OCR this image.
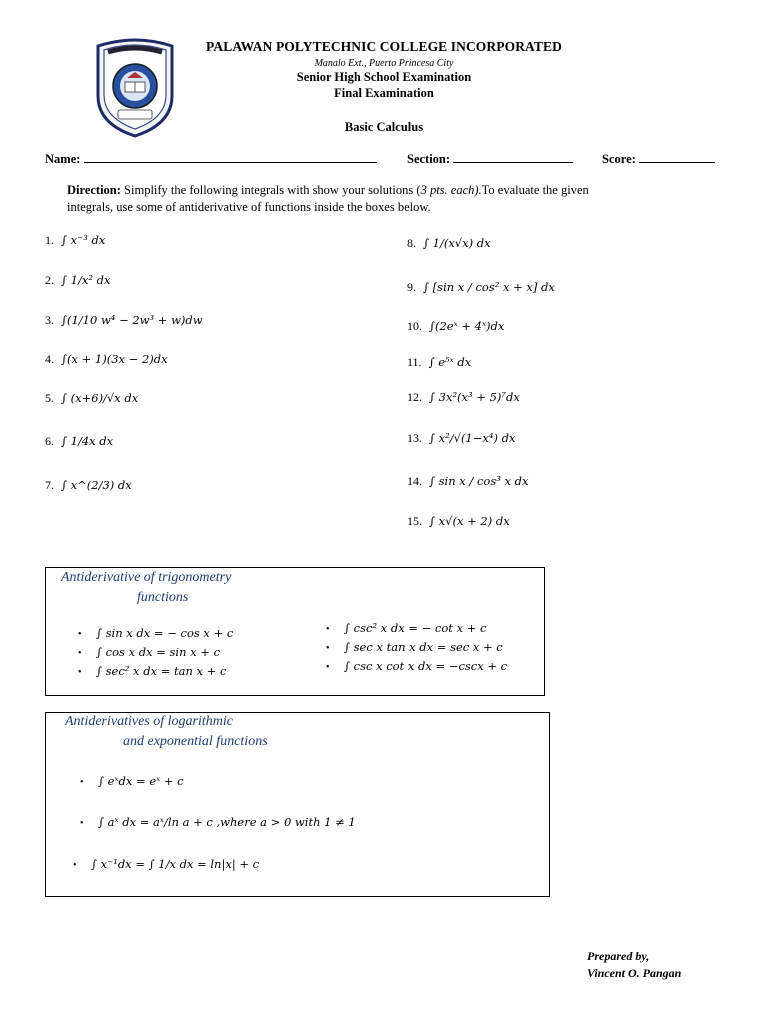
PALAWAN POLYTECHNIC COLLEGE INCORPORATED
Manalo Ext., Puerto Princesa City
Senior High School Examination
Final Examination
Basic Calculus
Name:	Section:	Score:
Direction: Simplify the following integrals with show your solutions (3 pts. each).To evaluate the given
integrals, use some of antiderivative of functions inside the boxes below.
1. ∫ x⁻³ dx
2. ∫ 1/x² dx
3. ∫(1/10 w⁴ − 2w³ + w)dw
4. ∫(x + 1)(3x − 2)dx
5. ∫ (x+6)/√x dx
6. ∫ 1/4x dx
7. ∫ x^(2/3) dx
8. ∫ 1/(x√x) dx
9. ∫ [sin x / cos² x + x] dx
10. ∫(2eˣ + 4ˣ)dx
11. ∫ e⁵ˣ dx
12. ∫ 3x²(x³ + 5)⁷dx
13. ∫ x²/√(1−x⁴) dx
14. ∫ sin x / cos³ x dx
15. ∫ x√(x + 2) dx
Antiderivative of trigonometry
functions
• ∫ sin x dx = − cos x + c
• ∫ cos x dx = sin x + c
• ∫ sec² x dx = tan x + c
• ∫ csc² x dx = − cot x + c
• ∫ sec x tan x dx = sec x + c
• ∫ csc x cot x dx = −cscx + c
Antiderivatives of logarithmic
and exponential functions
• ∫ eˣdx = eˣ + c
• ∫ aˣ dx = aˣ/ln a + c ,where a > 0 with 1 ≠ 1
• ∫ x⁻¹dx = ∫ 1/x dx = ln|x| + c
Prepared by,
Vincent O. Pangan
